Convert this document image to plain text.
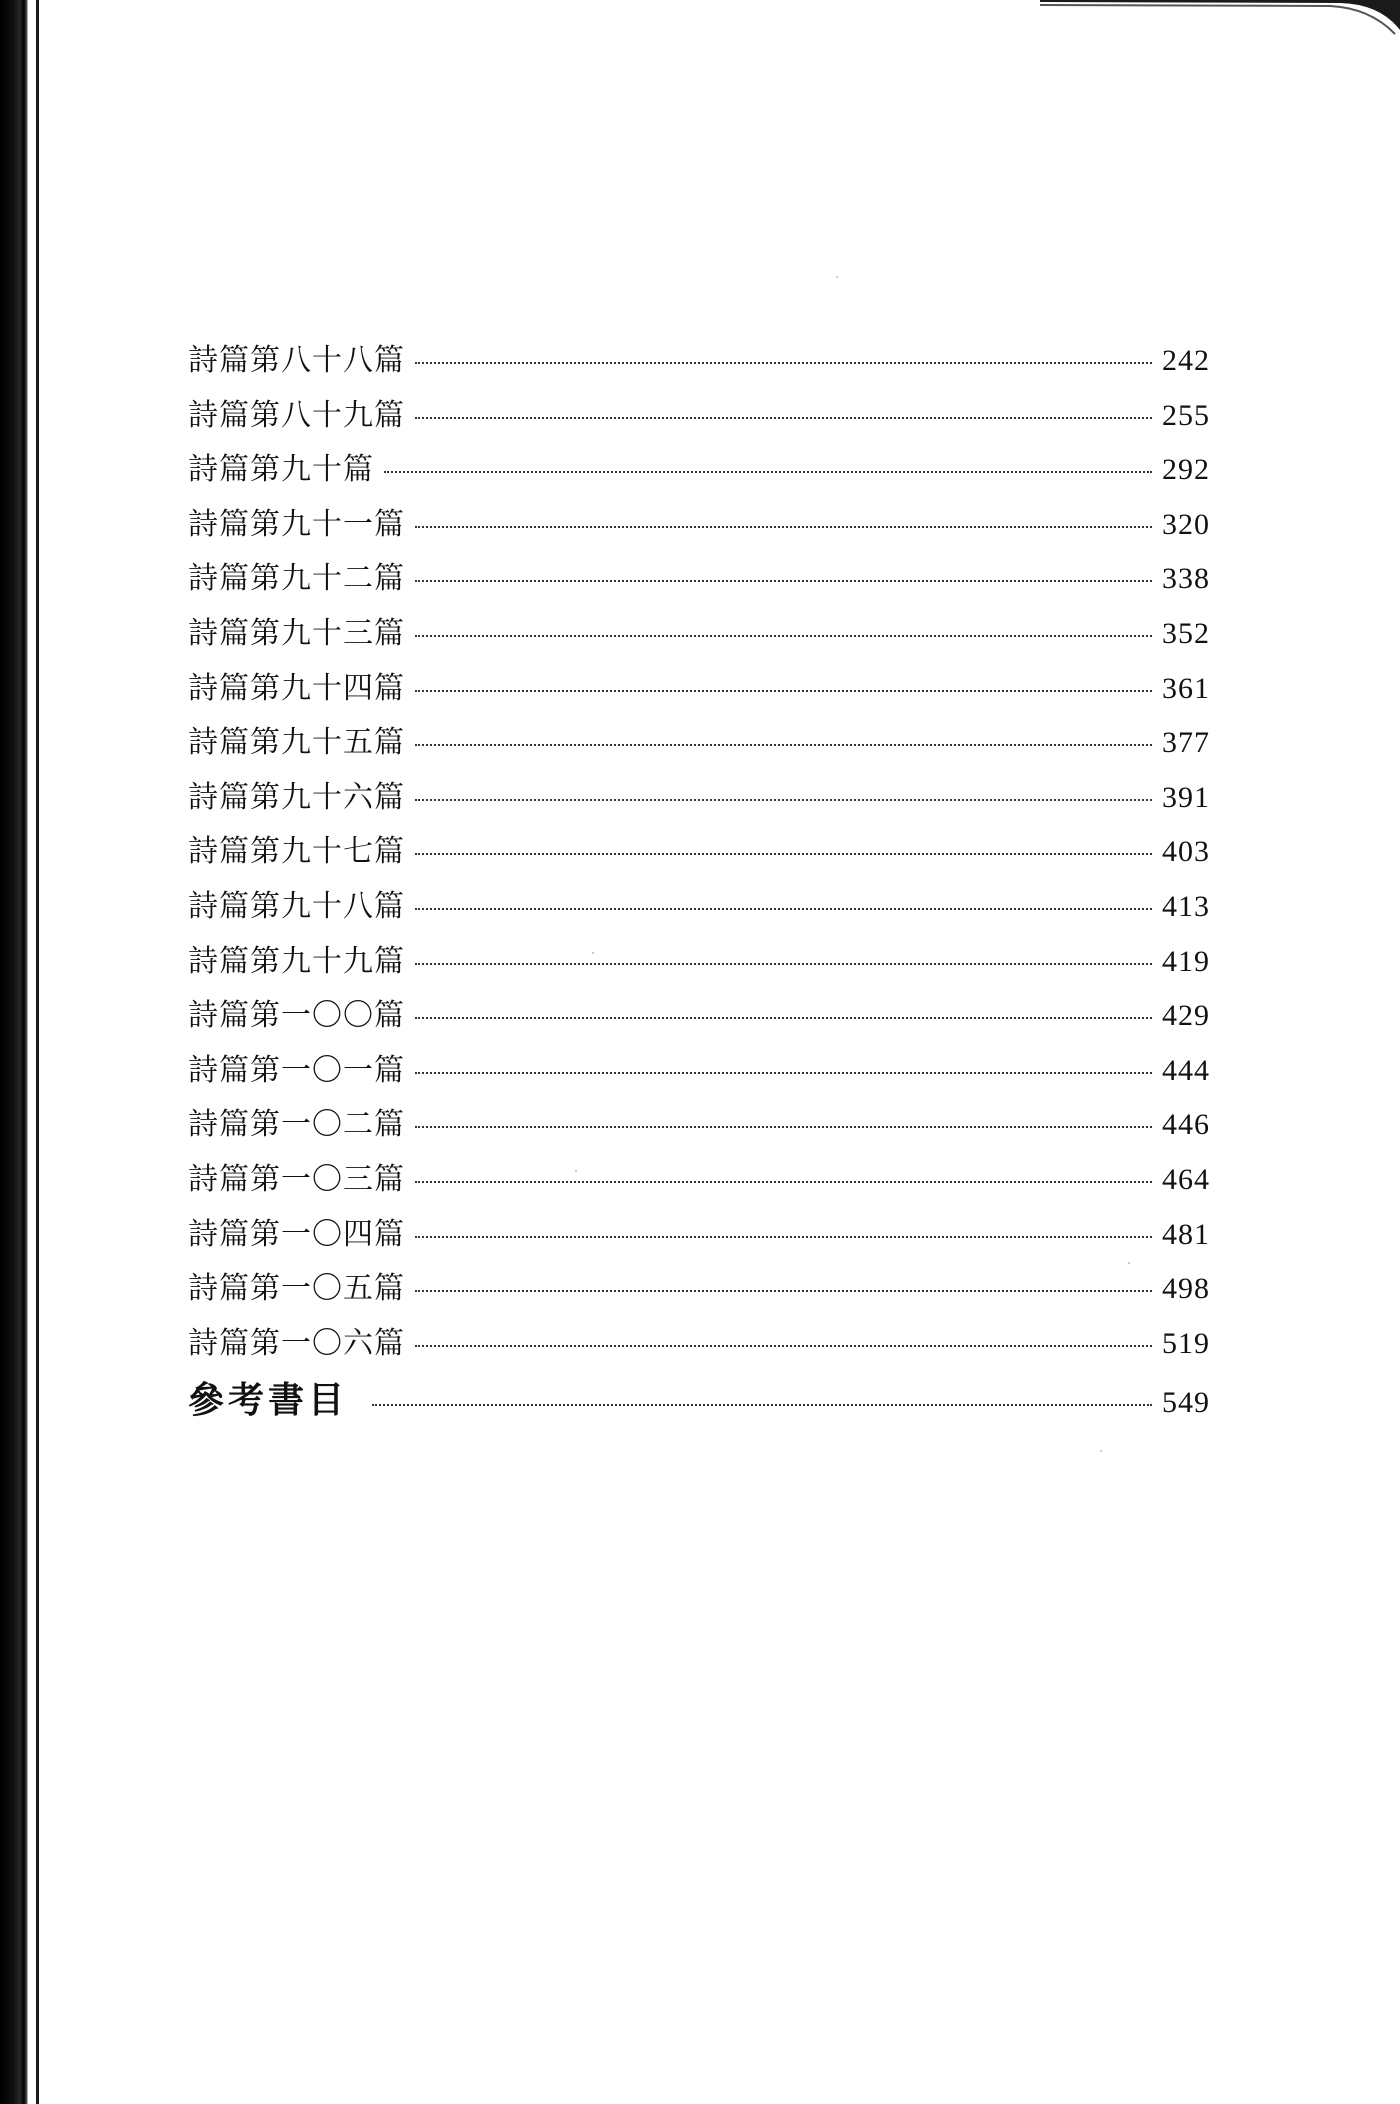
詩篇第八十八篇	242
詩篇第八十九篇	255
詩篇第九十篇	292
詩篇第九十一篇	320
詩篇第九十二篇	338
詩篇第九十三篇	352
詩篇第九十四篇	361
詩篇第九十五篇	377
詩篇第九十六篇	391
詩篇第九十七篇	403
詩篇第九十八篇	413
詩篇第九十九篇	419
詩篇第一〇〇篇	429
詩篇第一〇一篇	444
詩篇第一〇二篇	446
詩篇第一〇三篇	464
詩篇第一〇四篇	481
詩篇第一〇五篇	498
詩篇第一〇六篇	519
參考書目	549
